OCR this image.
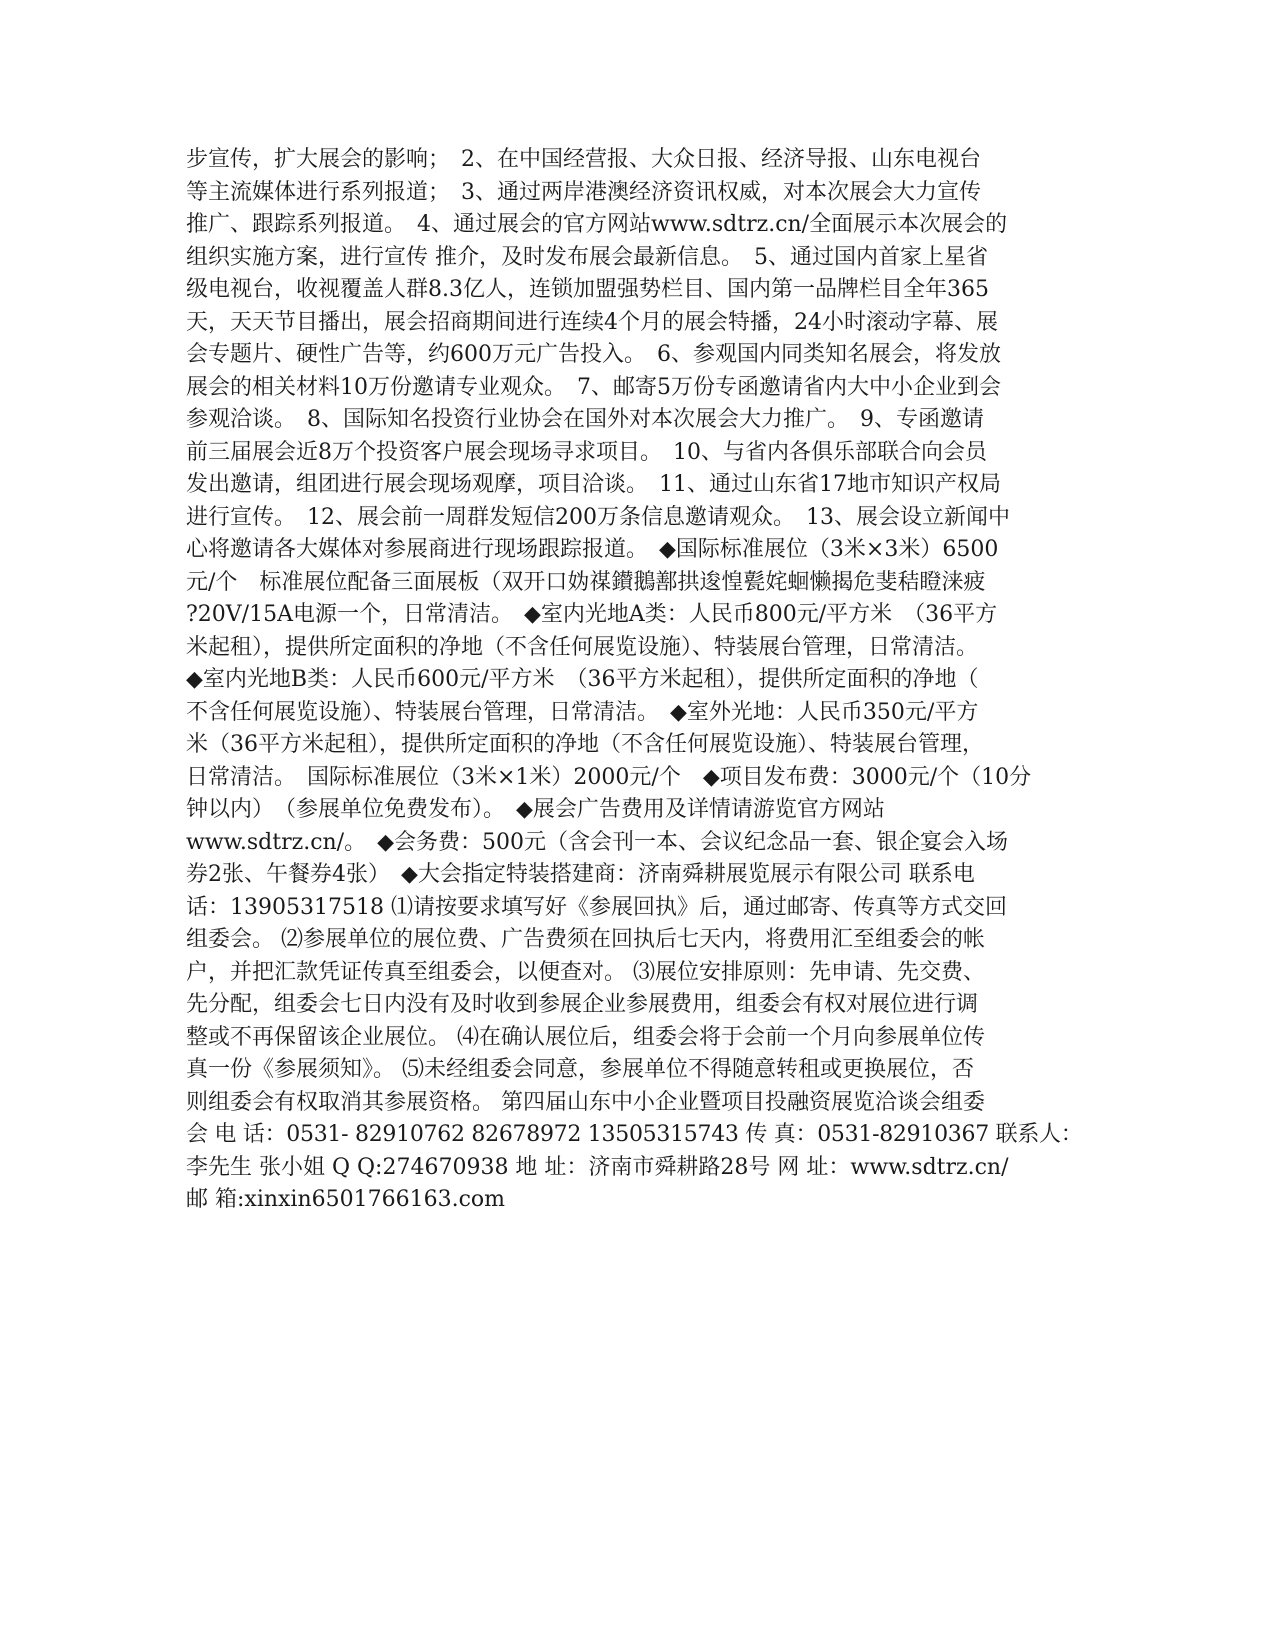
步宣传，扩大展会的影响；　2、在中国经营报、大众日报、经济导报、山东电视台
等主流媒体进行系列报道；　3、通过两岸港澳经济资讯权威，对本次展会大力宣传
推广、跟踪系列报道。　4、通过展会的官方网站www.sdtrz.cn/全面展示本次展会的
组织实施方案，进行宣传 推介，及时发布展会最新信息。　5、通过国内首家上星省
级电视台，收视覆盖人群8.3亿人，连锁加盟强势栏目、国内第一品牌栏目全年365
天，天天节目播出，展会招商期间进行连续4个月的展会特播，24小时滚动字幕、展
会专题片、硬性广告等，约600万元广告投入。　6、参观国内同类知名展会，将发放
展会的相关材料10万份邀请专业观众。　7、邮寄5万份专函邀请省内大中小企业到会
参观洽谈。　8、国际知名投资行业协会在国外对本次展会大力推广。　9、专函邀请
前三届展会近8万个投资客户展会现场寻求项目。　10、与省内各俱乐部联合向会员
发出邀请，组团进行展会现场观摩，项目洽谈。　11、通过山东省17地市知识产权局
进行宣传。　12、展会前一周群发短信200万条信息邀请观众。　13、展会设立新闻中
心将邀请各大媒体对参展商进行现场跟踪报道。　◆国际标准展位（3米×3米）6500
元/个　标准展位配备三面展板（双开口妫禖鑚鵝鄯拱逡惶甏姹蛔懒揭危斐秸瞪涞疲
?20V/15A电源一个，日常清洁。　◆室内光地A类：人民币800元/平方米　（36平方
米起租），提供所定面积的净地（不含任何展览设施）、特装展台管理，日常清洁。
◆室内光地B类：人民币600元/平方米　（36平方米起租），提供所定面积的净地（
不含任何展览设施）、特装展台管理，日常清洁。　◆室外光地：人民币350元/平方
米（36平方米起租），提供所定面积的净地（不含任何展览设施）、特装展台管理，
日常清洁。　国际标准展位（3米×1米）2000元/个　◆项目发布费：3000元/个（10分
钟以内）　（参展单位免费发布）。　◆展会广告费用及详情请游览官方网站
www.sdtrz.cn/。　◆会务费：500元（含会刊一本、会议纪念品一套、银企宴会入场
券2张、午餐券4张）　◆大会指定特装搭建商：济南舜耕展览展示有限公司 联系电
话：13905317518 ⑴请按要求填写好《参展回执》后，通过邮寄、传真等方式交回
组委会。 ⑵参展单位的展位费、广告费须在回执后七天内，将费用汇至组委会的帐
户，并把汇款凭证传真至组委会，以便查对。 ⑶展位安排原则：先申请、先交费、
先分配，组委会七日内没有及时收到参展企业参展费用，组委会有权对展位进行调
整或不再保留该企业展位。 ⑷在确认展位后，组委会将于会前一个月向参展单位传
真一份《参展须知》。 ⑸未经组委会同意，参展单位不得随意转租或更换展位，否
则组委会有权取消其参展资格。 第四届山东中小企业暨项目投融资展览洽谈会组委
会 电 话：0531- 82910762 82678972 13505315743 传 真：0531-82910367 联系人：
李先生 张小姐 Q Q:274670938 地 址：济南市舜耕路28号 网 址：www.sdtrz.cn/
邮 箱:xinxin6501766163.com
